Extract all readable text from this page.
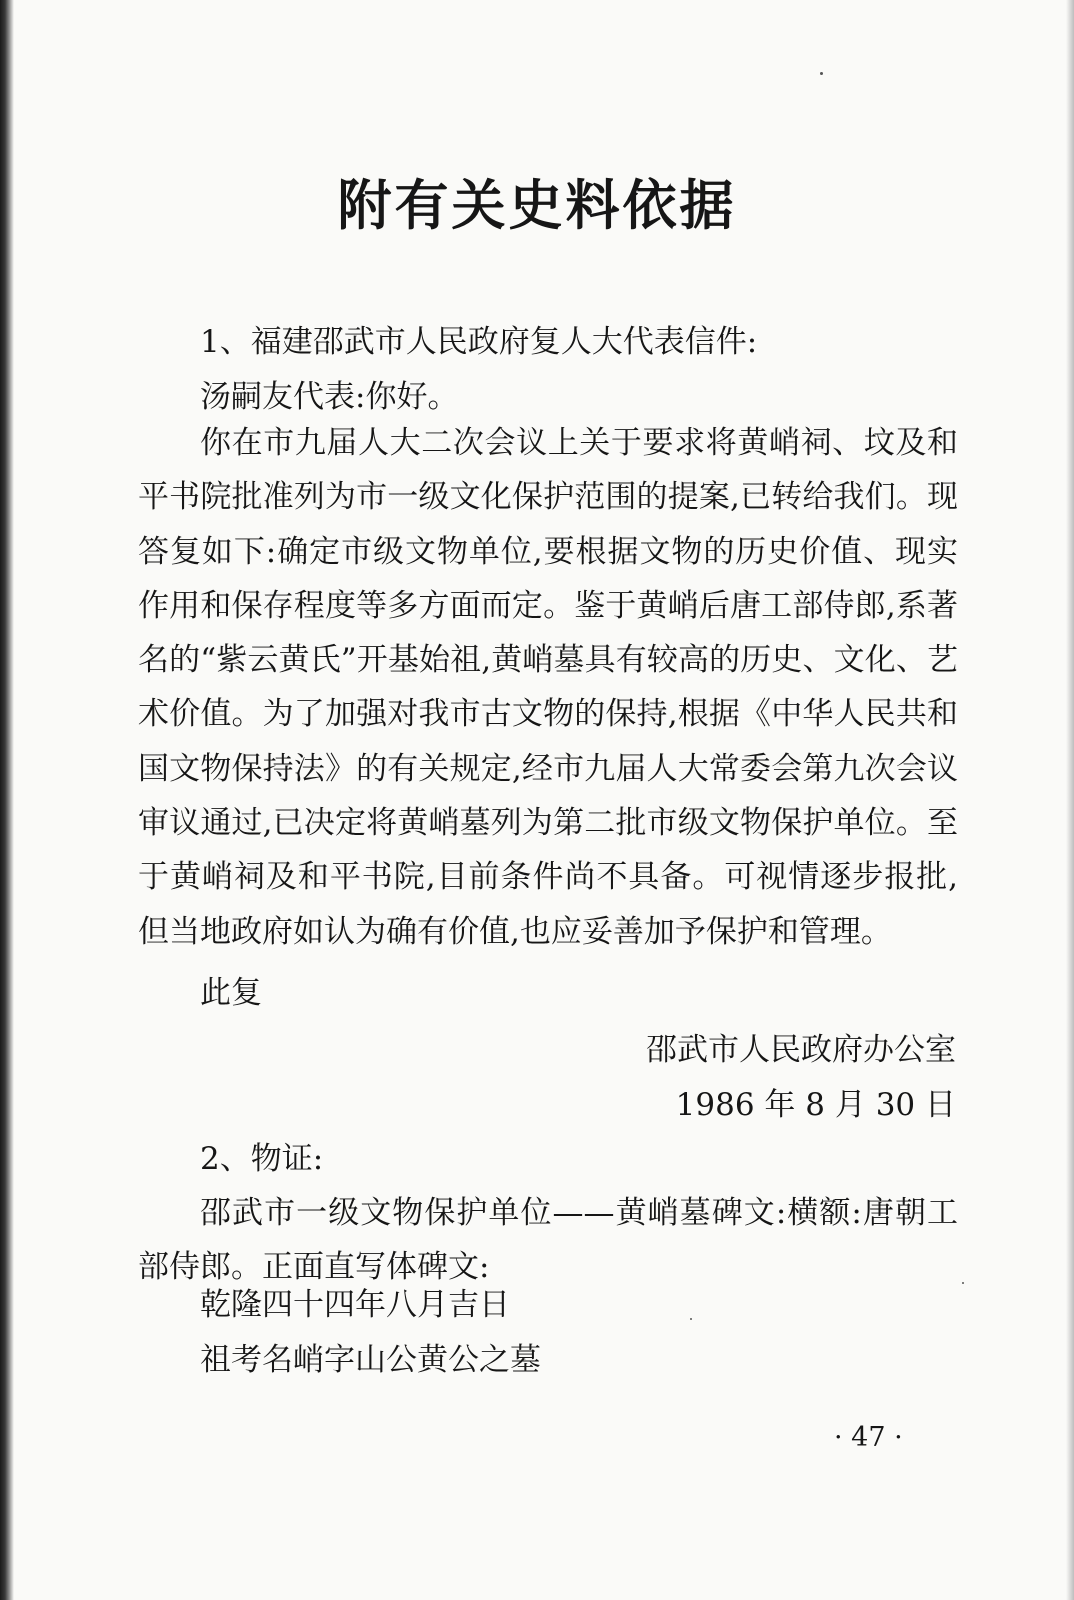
附有关史料依据

1、福建邵武市人民政府复人大代表信件:

汤嗣友代表:你好。

你在市九届人大二次会议上关于要求将黄峭祠、坟及和平书院批准列为市一级文化保护范围的提案,已转给我们。现答复如下:确定市级文物单位,要根据文物的历史价值、现实作用和保存程度等多方面而定。鉴于黄峭后唐工部侍郎,系著名的“紫云黄氏”开基始祖,黄峭墓具有较高的历史、文化、艺术价值。为了加强对我市古文物的保持,根据《中华人民共和国文物保持法》的有关规定,经市九届人大常委会第九次会议审议通过,已决定将黄峭墓列为第二批市级文物保护单位。至于黄峭祠及和平书院,目前条件尚不具备。可视情逐步报批,但当地政府如认为确有价值,也应妥善加予保护和管理。

此复

邵武市人民政府办公室

1986 年 8 月 30 日

2、物证:

邵武市一级文物保护单位——黄峭墓碑文:横额:唐朝工部侍郎。正面直写体碑文:

乾隆四十四年八月吉日

祖考名峭字山公黄公之墓

· 47 ·
